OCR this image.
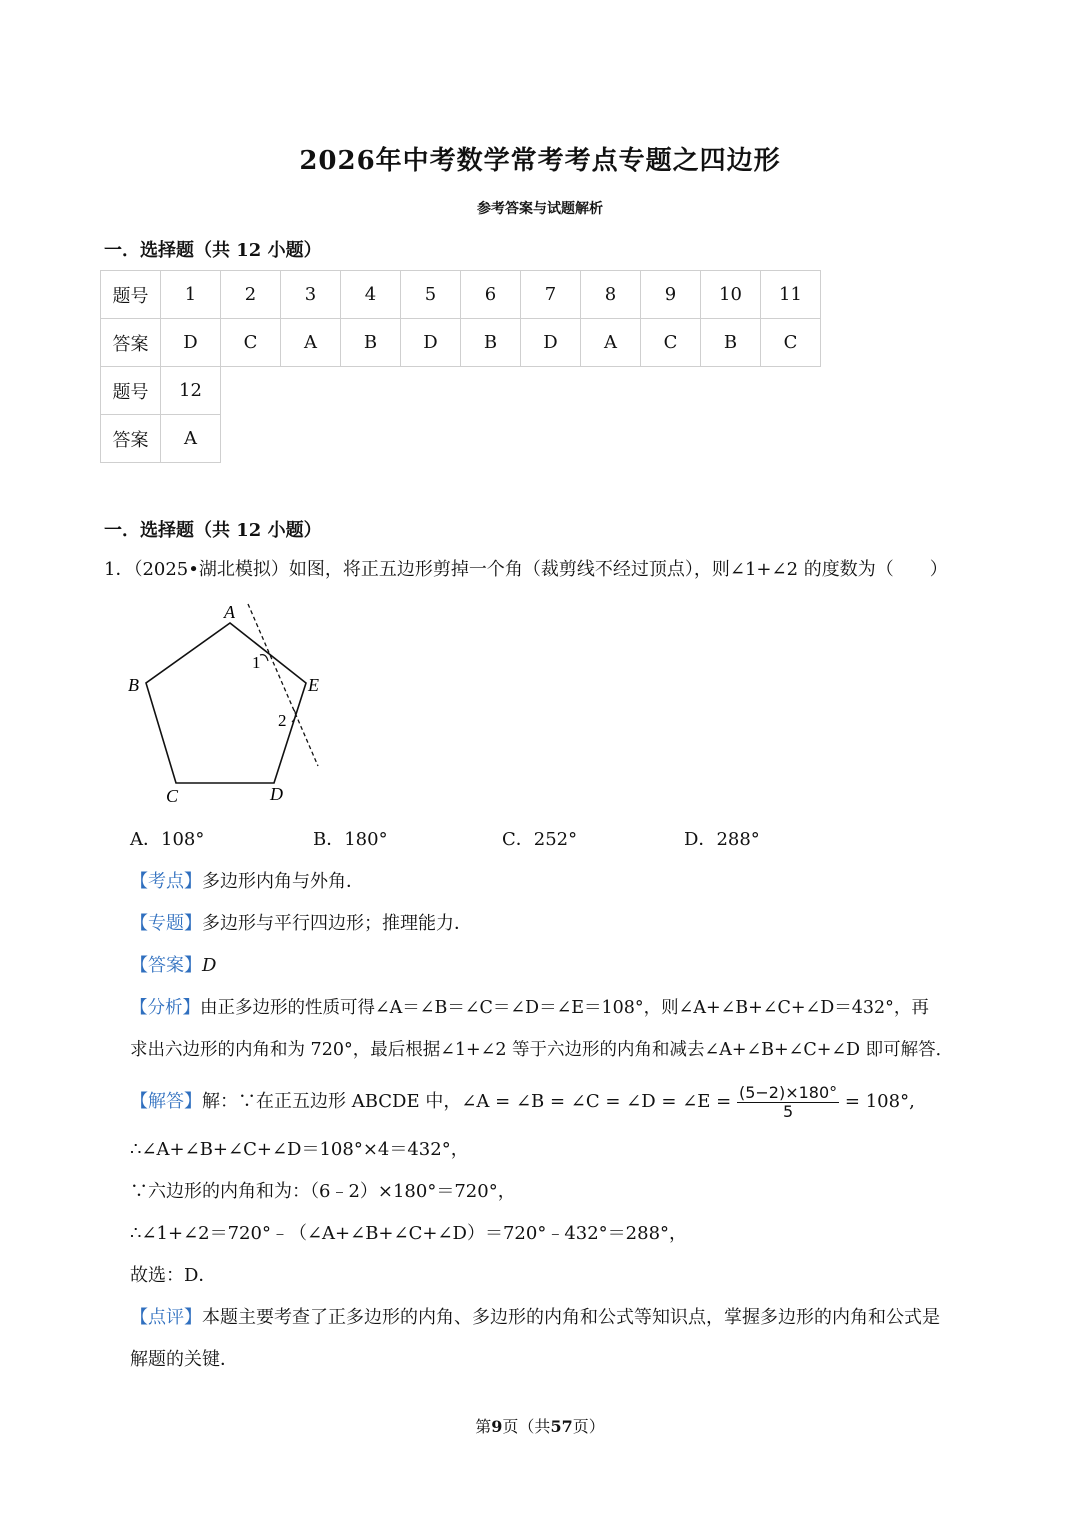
2026年中考数学常考考点专题之四边形
参考答案与试题解析
一．选择题（共 12 小题）
题号	1	2	3	4	5	6	7	8	9	10	11
答案	D	C	A	B	D	B	D	A	C	B	C
题号	12										
答案	A										
一．选择题（共 12 小题）
1．（2025•湖北模拟）如图，将正五边形剪掉一个角（裁剪线不经过顶点），则∠1+∠2 的度数为（　　）
A
B
C	D
E
1
2
A．108°	B．180°	C．252°	D．288°
【考点】多边形内角与外角．
【专题】多边形与平行四边形；推理能力．
【答案】D
【分析】由正多边形的性质可得∠A＝∠B＝∠C＝∠D＝∠E＝108°，则∠A+∠B+∠C+∠D＝432°，再
求出六边形的内角和为 720°，最后根据∠1+∠2 等于六边形的内角和减去∠A+∠B+∠C+∠D 即可解答．
【解答】解：∵在正五边形 ABCDE 中，∠A = ∠B = ∠C = ∠D = ∠E = $\frac{(5-2)\times 180^\circ}{5} = 108^\circ$,
∴∠A+∠B+∠C+∠D＝108°×4＝432°，
∵六边形的内角和为：（6﹣2）×180°＝720°，
∴∠1+∠2＝720°﹣（∠A+∠B+∠C+∠D）＝720°﹣432°＝288°，
故选：D．
【点评】本题主要考查了正多边形的内角、多边形的内角和公式等知识点，掌握多边形的内角和公式是
解题的关键．
第9页（共57页）
